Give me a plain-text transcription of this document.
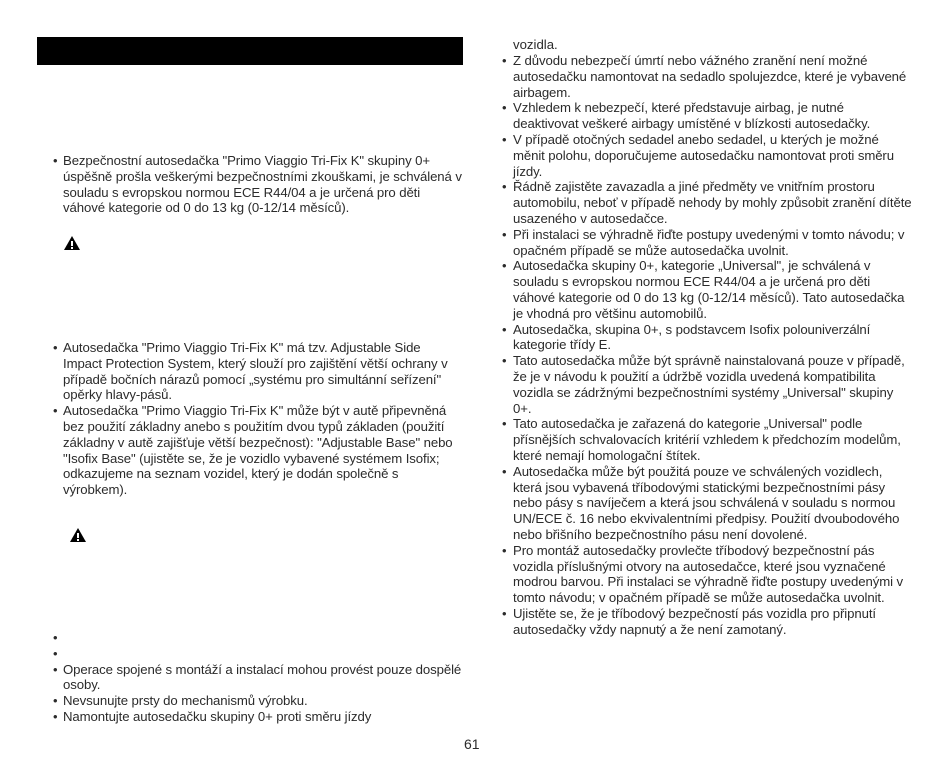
• Bezpečnostní autosedačka "Primo Viaggio Tri-Fix K" skupiny 0+ úspěšně prošla veškerými bezpečnostními zkouškami, je schválená v souladu s evropskou normou ECE R44/04 a je určená pro děti váhové kategorie od 0 do 13 kg (0-12/14 měsíců).
• Autosedačka "Primo Viaggio Tri-Fix K" má tzv. Adjustable Side Impact Protection System, který slouží pro zajištění větší ochrany v případě bočních nárazů pomocí „systému pro simultánní seřízení" opěrky hlavy-pásů.
• Autosedačka "Primo Viaggio Tri-Fix K" může být v autě připevněná bez použití základny anebo s použitím dvou typů základen (použití základny v autě zajišťuje větší bezpečnost): "Adjustable Base" nebo "Isofix Base" (ujistěte se, že je vozidlo vybavené systémem Isofix; odkazujeme na seznam vozidel, který je dodán společně s výrobkem).
•
•
• Operace spojené s montáží a instalací mohou provést pouze dospělé osoby.
• Nevsunujte prsty do mechanismů výrobku.
• Namontujte autosedačku skupiny 0+ proti směru jízdy
vozidla.
• Z důvodu nebezpečí úmrtí nebo vážného zranění není možné autosedačku namontovat na sedadlo spolujezdce, které je vybavené airbagem.
• Vzhledem k nebezpečí, které představuje airbag, je nutné deaktivovat veškeré airbagy umístěné v blízkosti autosedačky.
• V případě otočných sedadel anebo sedadel, u kterých je možné měnit polohu, doporučujeme autosedačku namontovat proti směru jízdy.
• Řádně zajistěte zavazadla a jiné předměty ve vnitřním prostoru automobilu, neboť v případě nehody by mohly způsobit zranění dítěte usazeného v autosedačce.
• Při instalaci se výhradně řiďte postupy uvedenými v tomto návodu; v opačném případě se může autosedačka uvolnit.
• Autosedačka skupiny 0+, kategorie „Universal", je schválená v souladu s evropskou normou ECE R44/04 a je určená pro děti váhové kategorie od 0 do 13 kg (0-12/14 měsíců). Tato autosedačka je vhodná pro většinu automobilů.
• Autosedačka, skupina 0+, s podstavcem Isofix polouniverzální kategorie třídy E.
• Tato autosedačka může být správně nainstalovaná pouze v případě, že je v návodu k použití a údržbě vozidla uvedená kompatibilita vozidla se zádržnými bezpečnostními systémy „Universal" skupiny 0+.
• Tato autosedačka je zařazená do kategorie „Universal" podle přísnějších schvalovacích kritérií vzhledem k předchozím modelům, které nemají homologační štítek.
• Autosedačka může být použitá pouze ve schválených vozidlech, která jsou vybavená tříbodovými statickými bezpečnostními pásy nebo pásy s navíječem a která jsou schválená v souladu s normou UN/ECE č. 16 nebo ekvivalentními předpisy. Použití dvoubodového nebo břišního bezpečnostního pásu není dovolené.
• Pro montáž autosedačky provlečte tříbodový bezpečnostní pás vozidla příslušnými otvory na autosedačce, které jsou vyznačené modrou barvou. Při instalaci se výhradně řiďte postupy uvedenými v tomto návodu; v opačném případě se může autosedačka uvolnit.
• Ujistěte se, že je tříbodový bezpečností pás vozidla pro připnutí autosedačky vždy napnutý a že není zamotaný.
61
